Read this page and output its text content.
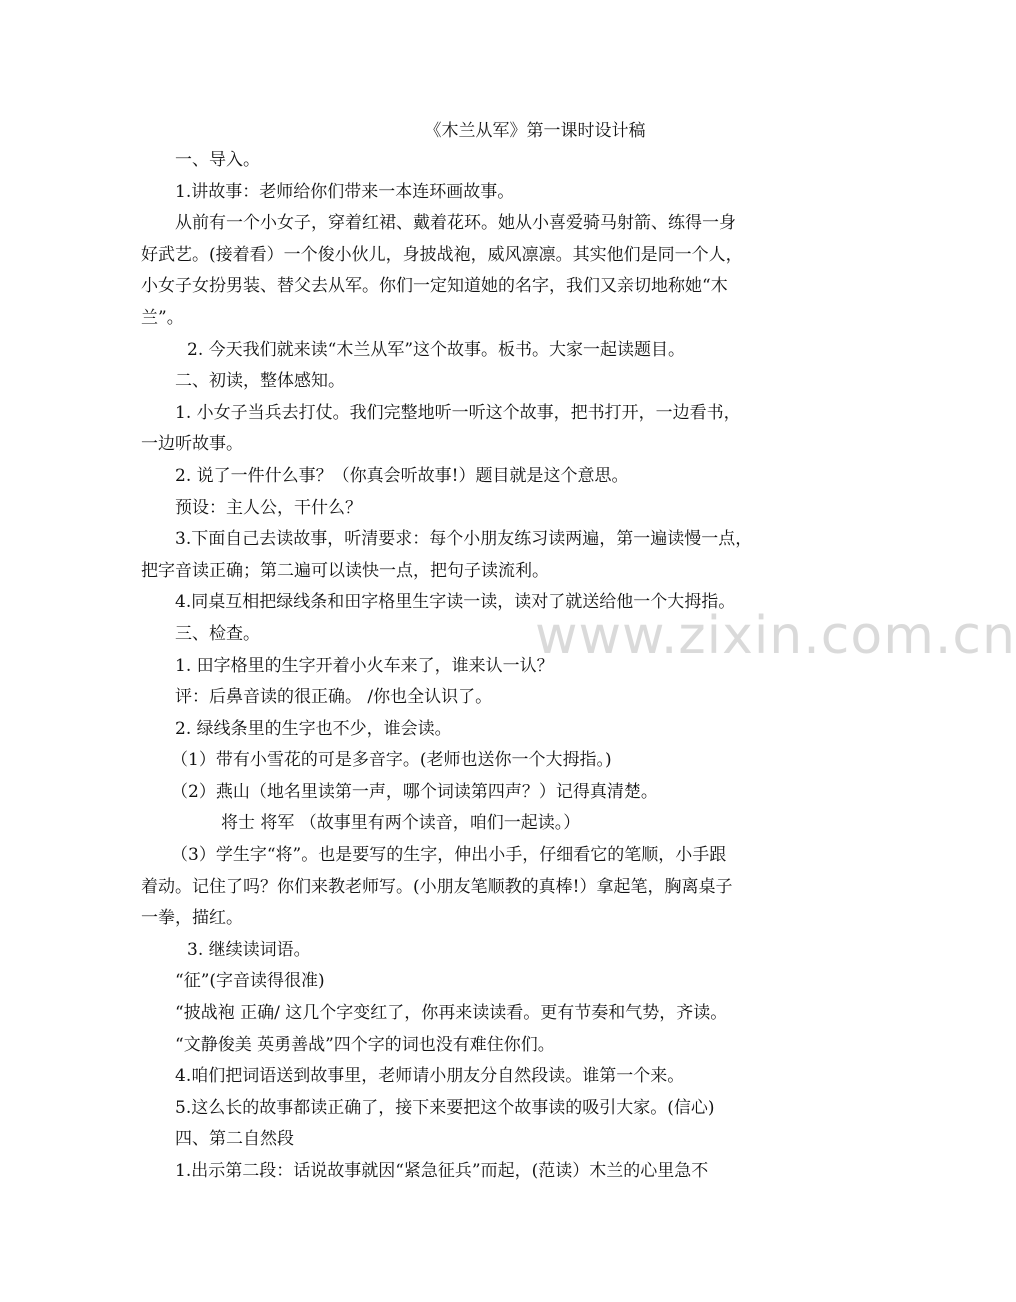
《木兰从军》第一课时设计稿
一、导入。
1.讲故事：老师给你们带来一本连环画故事。
从前有一个小女子，穿着红裙、戴着花环。她从小喜爱骑马射箭、练得一身
好武艺。(接着看）一个俊小伙儿，身披战袍，威风凛凛。其实他们是同一个人，
小女子女扮男装、替父去从军。你们一定知道她的名字，我们又亲切地称她“木
兰”。
2. 今天我们就来读“木兰从军”这个故事。板书。大家一起读题目。
二、初读，整体感知。
1. 小女子当兵去打仗。我们完整地听一听这个故事，把书打开，一边看书，
一边听故事。
2. 说了一件什么事？（你真会听故事!）题目就是这个意思。
预设：主人公，干什么？
3.下面自己去读故事，听清要求：每个小朋友练习读两遍，第一遍读慢一点，
把字音读正确；第二遍可以读快一点，把句子读流利。
4.同桌互相把绿线条和田字格里生字读一读，读对了就送给他一个大拇指。
三、检查。
1. 田字格里的生字开着小火车来了，谁来认一认？
评：后鼻音读的很正确。 /你也全认识了。
2. 绿线条里的生字也不少，谁会读。
（1）带有小雪花的可是多音字。(老师也送你一个大拇指。)
（2）燕山（地名里读第一声，哪个词读第四声？）记得真清楚。
将士 将军 （故事里有两个读音，咱们一起读。）
（3）学生字“将”。也是要写的生字，伸出小手，仔细看它的笔顺，小手跟
着动。记住了吗？你们来教老师写。(小朋友笔顺教的真棒!）拿起笔，胸离桌子
一拳，描红。
3. 继续读词语。
“征”(字音读得很准)
“披战袍 正确/ 这几个字变红了，你再来读读看。更有节奏和气势，齐读。
“文静俊美 英勇善战”四个字的词也没有难住你们。
4.咱们把词语送到故事里，老师请小朋友分自然段读。谁第一个来。
5.这么长的故事都读正确了，接下来要把这个故事读的吸引大家。(信心)
四、第二自然段
1.出示第二段：话说故事就因“紧急征兵”而起，(范读）木兰的心里急不
www.zixin.com.cn
